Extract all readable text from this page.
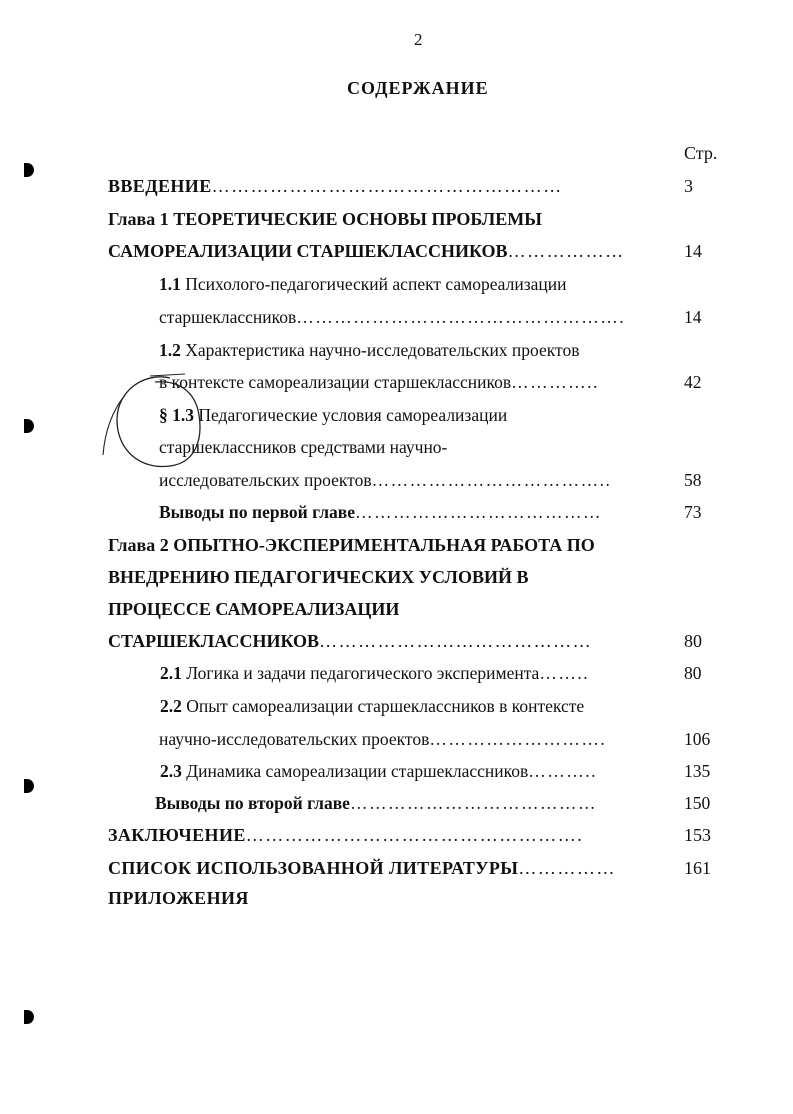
2
СОДЕРЖАНИЕ
Стр.
ВВЕДЕНИЕ………………………………………………	3
Глава 1 ТЕОРЕТИЧЕСКИЕ ОСНОВЫ ПРОБЛЕМЫ
САМОРЕАЛИЗАЦИИ СТАРШЕКЛАССНИКОВ………………	14
1.1 Психолого-педагогический аспект самореализации
старшеклассников…………………………………………….	14
1.2 Характеристика научно-исследовательских проектов
в контексте самореализации старшеклассников…………..	42
§ 1.3 Педагогические условия самореализации
старшеклассников средствами научно-
исследовательских проектов………………………………..	58
Выводы по первой главе…………………………………	73
Глава 2 ОПЫТНО-ЭКСПЕРИМЕНТАЛЬНАЯ РАБОТА ПО
ВНЕДРЕНИЮ ПЕДАГОГИЧЕСКИХ УСЛОВИЙ В
ПРОЦЕССЕ САМОРЕАЛИЗАЦИИ
СТАРШЕКЛАССНИКОВ……………………………………	80
2.1 Логика и задачи педагогического эксперимента……..	80
2.2 Опыт самореализации старшеклассников в контексте
научно-исследовательских проектов……………………….	106
2.3 Динамика самореализации старшеклассников………..	135
Выводы по второй главе…………………………………	150
ЗАКЛЮЧЕНИЕ…………………………………………….	153
СПИСОК ИСПОЛЬЗОВАННОЙ ЛИТЕРАТУРЫ……………	161
ПРИЛОЖЕНИЯ
